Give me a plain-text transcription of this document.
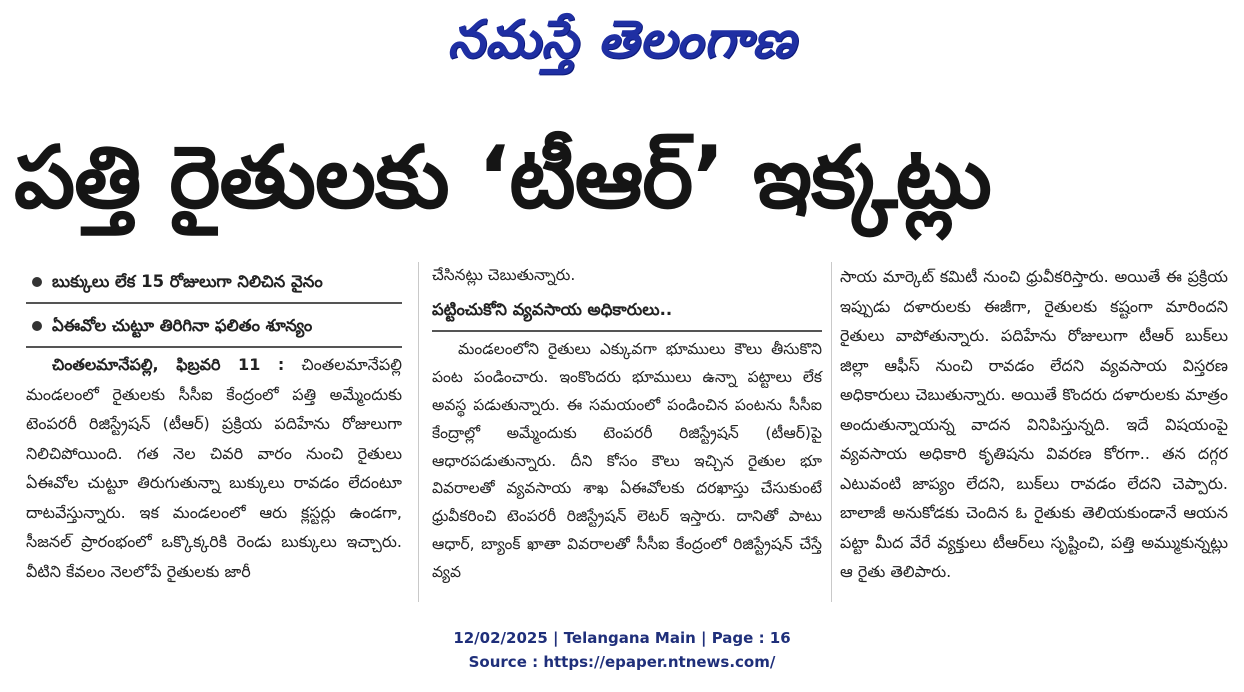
నమస్తే తెలంగాణ
పత్తి రైతులకు ‘టీఆర్’ ఇక్కట్లు
బుక్కులు లేక 15 రోజులుగా నిలిచిన వైనం
ఏఈవోల చుట్టూ తిరిగినా ఫలితం శూన్యం

చింతలమానేపల్లి, ఫిబ్రవరి 11 : చింతలమానేపల్లి మండలంలో రైతులకు సీసీఐ కేంద్రంలో పత్తి అమ్మేందుకు టెంపరరీ రిజిస్ట్రేషన్ (టీఆర్) ప్రక్రియ పదిహేను రోజులుగా నిలిచిపోయింది. గత నెల చివరి వారం నుంచి రైతులు ఏఈవోల చుట్టూ తిరుగుతున్నా బుక్కులు రావడం లేదంటూ దాటవేస్తున్నారు. ఇక మండలంలో ఆరు క్లస్టర్లు ఉండగా, సీజనల్ ప్రారంభంలో ఒక్కొక్కరికి రెండు బుక్కులు ఇచ్చారు. వీటిని కేవలం నెలలోపే రైతులకు జారీ

చేసినట్లు చెబుతున్నారు.

పట్టించుకోని వ్యవసాయ అధికారులు..

మండలంలోని రైతులు ఎక్కువగా భూములు కౌలు తీసుకొని పంట పండించారు. ఇంకొందరు భూములు ఉన్నా పట్టాలు లేక అవస్థ పడుతున్నారు. ఈ సమయంలో పండించిన పంటను సీసీఐ కేంద్రాల్లో అమ్మేందుకు టెంపరరీ రిజిస్ట్రేషన్ (టీఆర్)పై ఆధారపడుతున్నారు. దీని కోసం కౌలు ఇచ్చిన రైతుల భూ వివరాలతో వ్యవసాయ శాఖ ఏఈవోలకు దరఖాస్తు చేసుకుంటే ధ్రువీకరించి టెంపరరీ రిజిస్ట్రేషన్ లెటర్ ఇస్తారు. దానితో పాటు ఆధార్, బ్యాంక్ ఖాతా వివరాలతో సీసీఐ కేంద్రంలో రిజిస్ట్రేషన్ చేస్తే వ్యవ

సాయ మార్కెట్ కమిటీ నుంచి ధ్రువీకరిస్తారు. అయితే ఈ ప్రక్రియ ఇప్పుడు దళారులకు ఈజీగా, రైతులకు కష్టంగా మారిందని రైతులు వాపోతున్నారు. పదిహేను రోజులుగా టీఆర్ బుక్‌లు జిల్లా ఆఫీస్ నుంచి రావడం లేదని వ్యవసాయ విస్తరణ అధికారులు చెబుతున్నారు. అయితే కొందరు దళారులకు మాత్రం అందుతున్నాయన్న వాదన వినిపిస్తున్నది. ఇదే విషయంపై వ్యవసాయ అధికారి కృతిషను వివరణ కోరగా.. తన దగ్గర ఎటువంటి జాప్యం లేదని, బుక్‌లు రావడం లేదని చెప్పారు. బాలాజీ అనుకోడకు చెందిన ఓ రైతుకు తెలియకుండానే ఆయన పట్టా మీద వేరే వ్యక్తులు టీఆర్‌లు సృష్టించి, పత్తి అమ్ముకున్నట్లు ఆ రైతు తెలిపారు.

12/02/2025 | Telangana Main | Page : 16
Source : https://epaper.ntnews.com/
